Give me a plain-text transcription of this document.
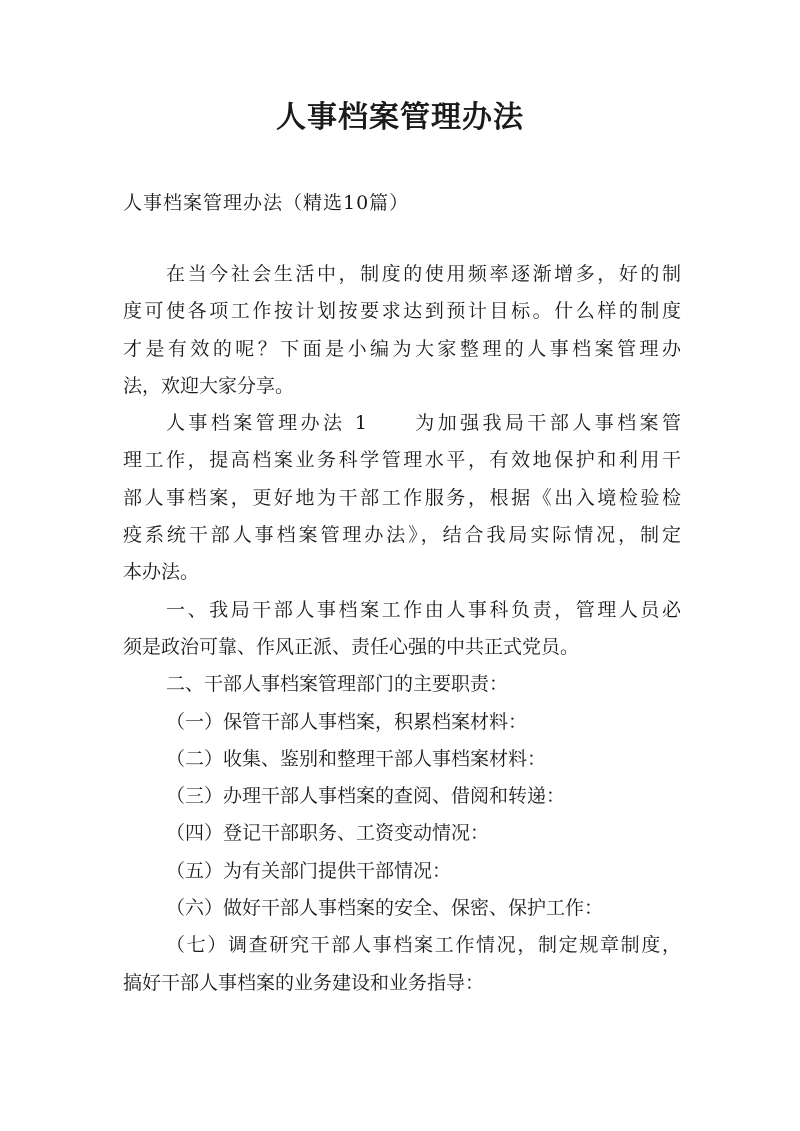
人事档案管理办法
人事档案管理办法（精选10篇）
在当今社会生活中，制度的使用频率逐渐增多，好的制
度可使各项工作按计划按要求达到预计目标。什么样的制度
才是有效的呢？下面是小编为大家整理的人事档案管理办
法，欢迎大家分享。
人事档案管理办法 1　　为加强我局干部人事档案管
理工作，提高档案业务科学管理水平，有效地保护和利用干
部人事档案，更好地为干部工作服务，根据《出入境检验检
疫系统干部人事档案管理办法》，结合我局实际情况，制定
本办法。
一、我局干部人事档案工作由人事科负责，管理人员必
须是政治可靠、作风正派、责任心强的中共正式党员。
二、干部人事档案管理部门的主要职责：
（一）保管干部人事档案，积累档案材料：
（二）收集、鉴别和整理干部人事档案材料：
（三）办理干部人事档案的查阅、借阅和转递：
（四）登记干部职务、工资变动情况：
（五）为有关部门提供干部情况：
（六）做好干部人事档案的安全、保密、保护工作：
（七）调查研究干部人事档案工作情况，制定规章制度，
搞好干部人事档案的业务建设和业务指导：
